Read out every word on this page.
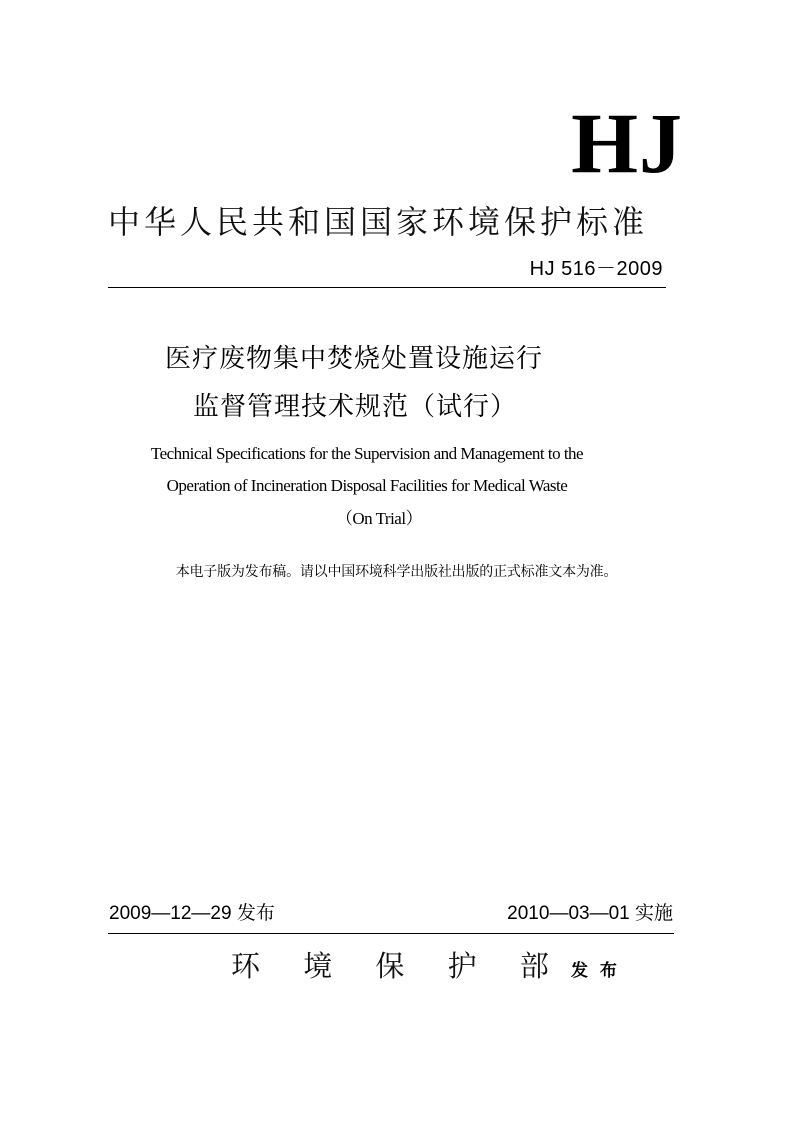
HJ
中华人民共和国国家环境保护标准
HJ 516－2009
医疗废物集中焚烧处置设施运行
监督管理技术规范（试行）
Technical Specifications for the Supervision and Management to the
Operation of Incineration Disposal Facilities for Medical Waste
（On Trial）
本电子版为发布稿。请以中国环境科学出版社出版的正式标准文本为准。
2009—12—29 发布	2010—03—01 实施
环 境 保 护 部 发 布
